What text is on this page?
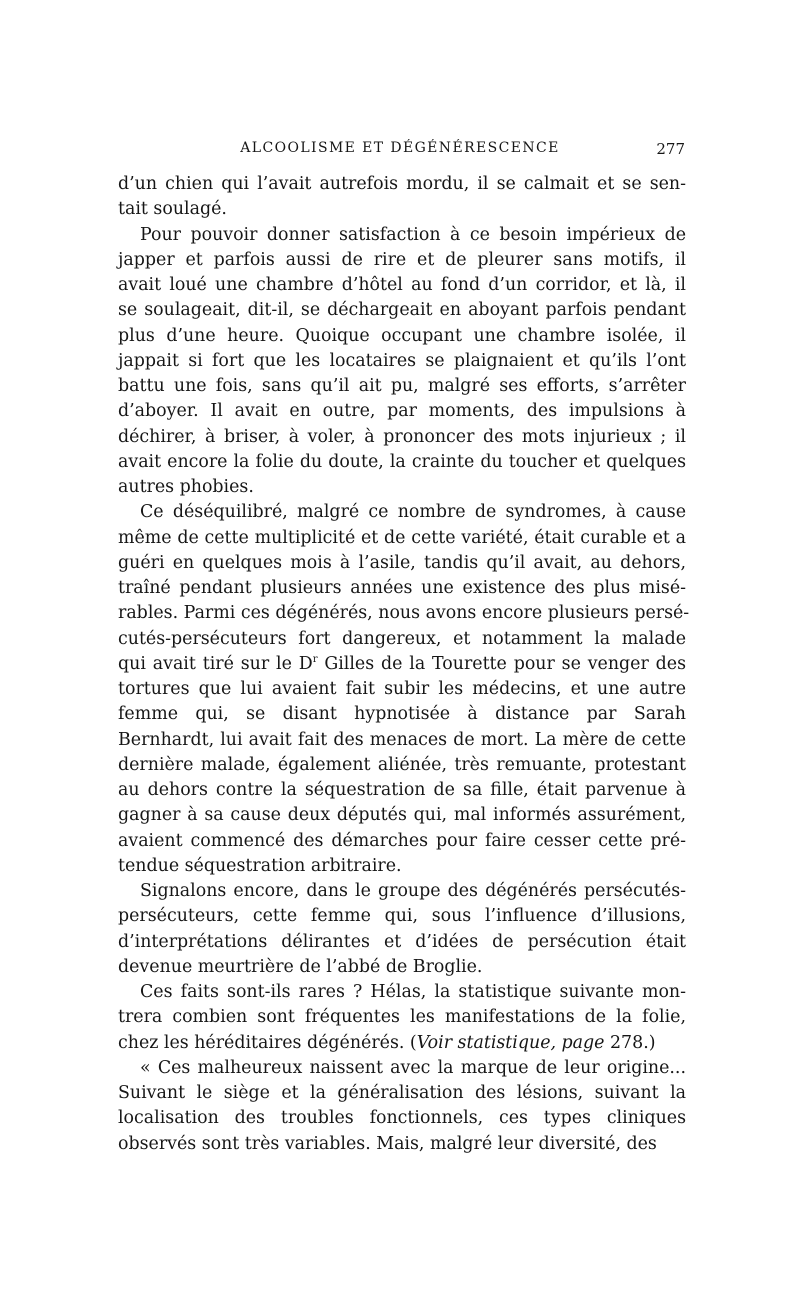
ALCOOLISME ET DÉGÉNÉRESCENCE	277
d’un chien qui l’avait autrefois mordu, il se calmait et se sen-
tait soulagé.
Pour pouvoir donner satisfaction à ce besoin impérieux de
japper et parfois aussi de rire et de pleurer sans motifs, il
avait loué une chambre d’hôtel au fond d’un corridor, et là, il
se soulageait, dit-il, se déchargeait en aboyant parfois pendant
plus d’une heure. Quoique occupant une chambre isolée, il
jappait si fort que les locataires se plaignaient et qu’ils l’ont
battu une fois, sans qu’il ait pu, malgré ses efforts, s’arrêter
d’aboyer. Il avait en outre, par moments, des impulsions à
déchirer, à briser, à voler, à prononcer des mots injurieux ; il
avait encore la folie du doute, la crainte du toucher et quelques
autres phobies.
Ce déséquilibré, malgré ce nombre de syndromes, à cause
même de cette multiplicité et de cette variété, était curable et a
guéri en quelques mois à l’asile, tandis qu’il avait, au dehors,
traîné pendant plusieurs années une existence des plus misé-
rables. Parmi ces dégénérés, nous avons encore plusieurs persé-
cutés-persécuteurs fort dangereux, et notamment la malade
qui avait tiré sur le $D^r$ Gilles de la Tourette pour se venger des
tortures que lui avaient fait subir les médecins, et une autre
femme qui, se disant hypnotisée à distance par Sarah
Bernhardt, lui avait fait des menaces de mort. La mère de cette
dernière malade, également aliénée, très remuante, protestant
au dehors contre la séquestration de sa fille, était parvenue à
gagner à sa cause deux députés qui, mal informés assurément,
avaient commencé des démarches pour faire cesser cette pré-
tendue séquestration arbitraire.
Signalons encore, dans le groupe des dégénérés persécutés-
persécuteurs, cette femme qui, sous l’influence d’illusions,
d’interprétations délirantes et d’idées de persécution était
devenue meurtrière de l’abbé de Broglie.
Ces faits sont-ils rares ? Hélas, la statistique suivante mon-
trera combien sont fréquentes les manifestations de la folie,
chez les héréditaires dégénérés. (Voir statistique, page 278.)
« Ces malheureux naissent avec la marque de leur origine...
Suivant le siège et la généralisation des lésions, suivant la
localisation des troubles fonctionnels, ces types cliniques
observés sont très variables. Mais, malgré leur diversité, des
